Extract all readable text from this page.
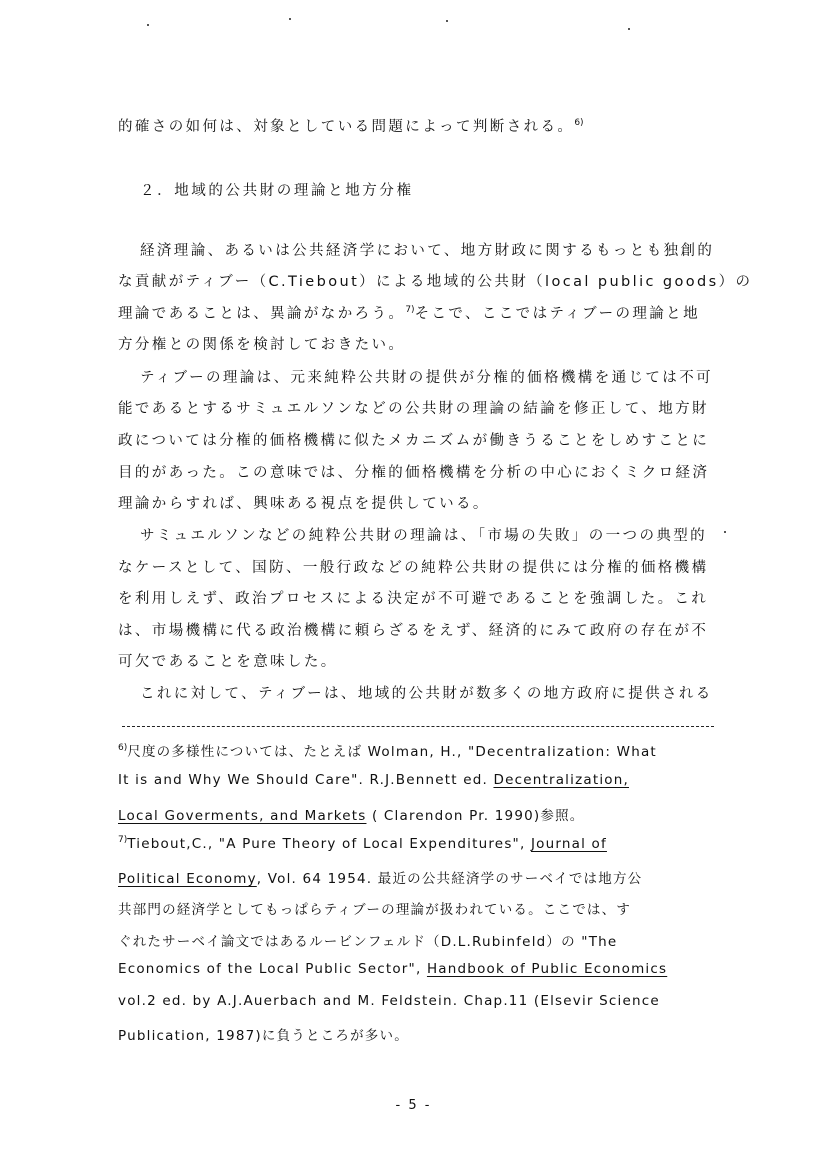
的確さの如何は、対象としている問題によって判断される。$^{6)}$
２．地域的公共財の理論と地方分権
経済理論、あるいは公共経済学において、地方財政に関するもっとも独創的
な貢献がティブー（C.Tiebout）による地域的公共財（local public goods）の
理論であることは、異論がなかろう。$^{7)}$そこで、ここではティブーの理論と地
方分権との関係を検討しておきたい。
ティブーの理論は、元来純粋公共財の提供が分権的価格機構を通じては不可
能であるとするサミュエルソンなどの公共財の理論の結論を修正して、地方財
政については分権的価格機構に似たメカニズムが働きうることをしめすことに
目的があった。この意味では、分権的価格機構を分析の中心におくミクロ経済
理論からすれば、興味ある視点を提供している。
サミュエルソンなどの純粋公共財の理論は、「市場の失敗」の一つの典型的
なケースとして、国防、一般行政などの純粋公共財の提供には分権的価格機構
を利用しえず、政治プロセスによる決定が不可避であることを強調した。これ
は、市場機構に代る政治機構に頼らざるをえず、経済的にみて政府の存在が不
可欠であることを意味した。
これに対して、ティブーは、地域的公共財が数多くの地方政府に提供される
$^{6)}$尺度の多様性については、たとえば Wolman, H., "Decentralization: What
It is and Why We Should Care". R.J.Bennett ed. Decentralization,
Local Goverments, and Markets ( Clarendon Pr. 1990)参照。
$^{7)}$Tiebout,C., "A Pure Theory of Local Expenditures", Journal of
Political Economy, Vol. 64 1954. 最近の公共経済学のサーベイでは地方公
共部門の経済学としてもっぱらティブーの理論が扱われている。ここでは、す
ぐれたサーベイ論文ではあるルービンフェルド（D.L.Rubinfeld）の "The
Economics of the Local Public Sector", Handbook of Public Economics
vol.2 ed. by A.J.Auerbach and M. Feldstein. Chap.11 (Elsevir Science
Publication, 1987)に負うところが多い。
- 5 -
